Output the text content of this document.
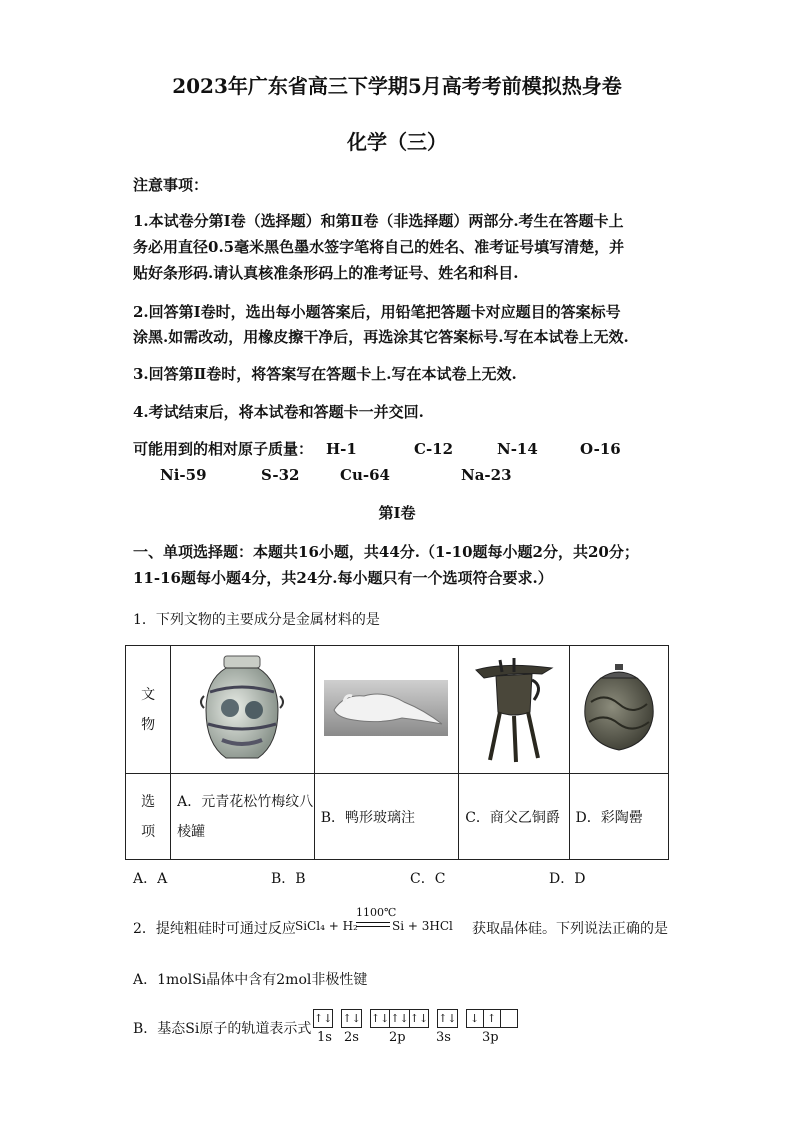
2023年广东省高三下学期5月高考考前模拟热身卷
化学（三）
注意事项：
1.本试卷分第Ⅰ卷（选择题）和第Ⅱ卷（非选择题）两部分.考生在答题卡上
务必用直径0.5毫米黑色墨水签字笔将自己的姓名、准考证号填写清楚，并
贴好条形码.请认真核准条形码上的准考证号、姓名和科目.
2.回答第Ⅰ卷时，选出每小题答案后，用铅笔把答题卡对应题目的答案标号
涂黑.如需改动，用橡皮擦干净后，再选涂其它答案标号.写在本试卷上无效.
3.回答第Ⅱ卷时，将答案写在答题卡上.写在本试卷上无效.
4.考试结束后，将本试卷和答题卡一并交回.
可能用到的相对原子质量： H-1	C-12	N-14	O-16
Ni-59	S-32	Cu-64	Na-23
第Ⅰ卷
一、单项选择题：本题共16小题，共44分.（1-10题每小题2分，共20分；
11-16题每小题4分，共24分.每小题只有一个选项符合要求.）
1．下列文物的主要成分是金属材料的是
文
物				
选
项	A．元青花松竹梅纹八
棱罐	B．鸭形玻璃注	C．商父乙铜爵	D．彩陶罍
A．A	B．B	C．C	D．D
2．提纯粗硅时可通过反应 SiCl₄ + H₂
1100℃
Si + 3HCl 获取晶体硅。下列说法正确的是
A．1molSi晶体中含有2mol非极性键
B．基态Si原子的轨道表示式
↑↓ ↑↓ ↑↓	↑↓	↑↓ ↑↓ ↓	↑	
1s 2s 2p 3s 3p
